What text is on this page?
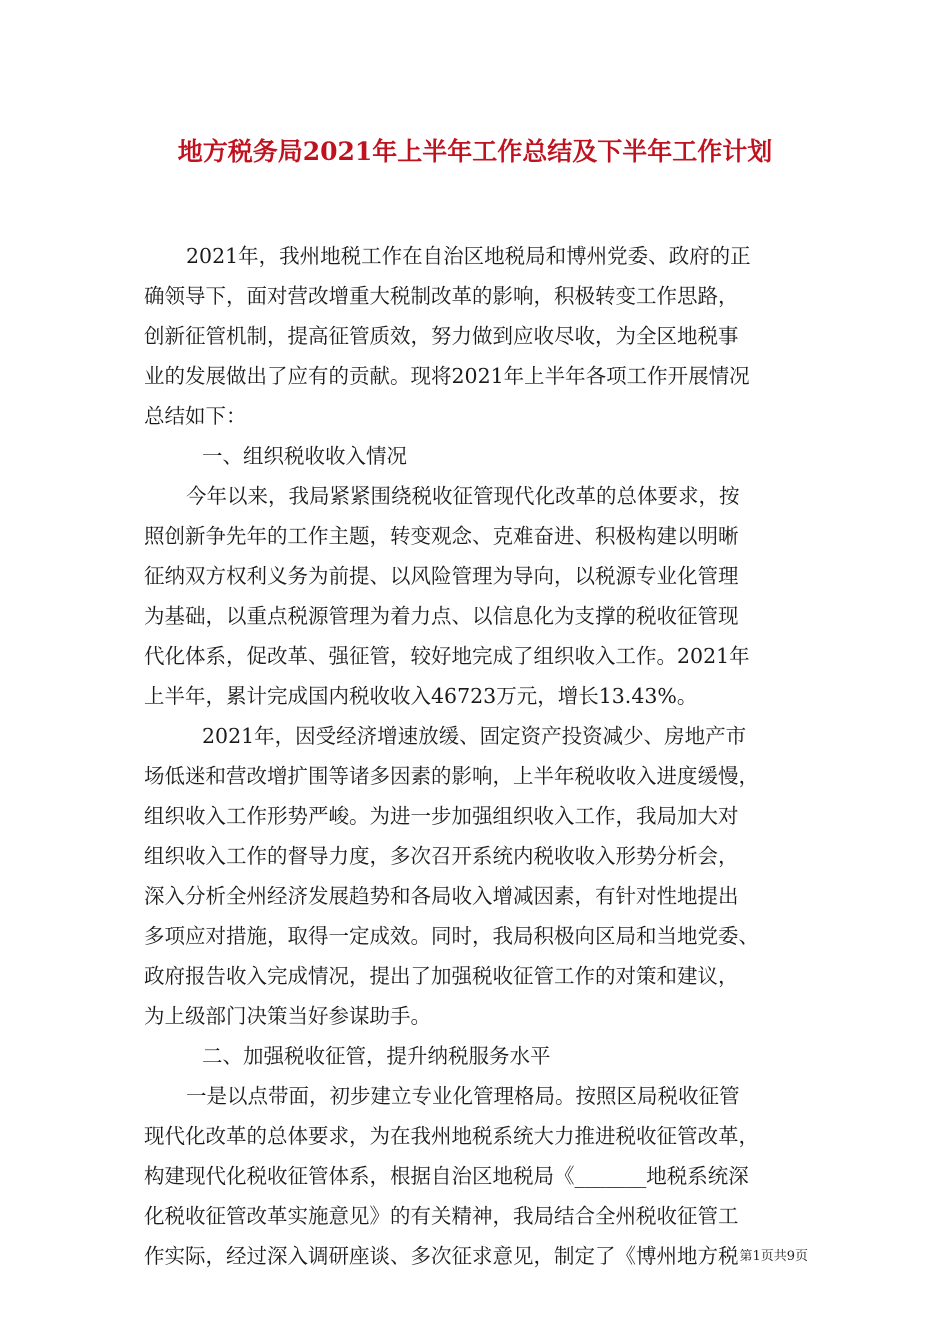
地方税务局2021年上半年工作总结及下半年工作计划
2021年，我州地税工作在自治区地税局和博州党委、政府的正
确领导下，面对营改增重大税制改革的影响，积极转变工作思路，
创新征管机制，提高征管质效，努力做到应收尽收，为全区地税事
业的发展做出了应有的贡献。现将2021年上半年各项工作开展情况
总结如下：
一、组织税收收入情况
今年以来，我局紧紧围绕税收征管现代化改革的总体要求，按
照创新争先年的工作主题，转变观念、克难奋进、积极构建以明晰
征纳双方权利义务为前提、以风险管理为导向，以税源专业化管理
为基础，以重点税源管理为着力点、以信息化为支撑的税收征管现
代化体系，促改革、强征管，较好地完成了组织收入工作。2021年
上半年，累计完成国内税收收入46723万元，增长13.43%。
2021年，因受经济增速放缓、固定资产投资减少、房地产市
场低迷和营改增扩围等诸多因素的影响，上半年税收收入进度缓慢，
组织收入工作形势严峻。为进一步加强组织收入工作，我局加大对
组织收入工作的督导力度，多次召开系统内税收收入形势分析会，
深入分析全州经济发展趋势和各局收入增减因素，有针对性地提出
多项应对措施，取得一定成效。同时，我局积极向区局和当地党委、
政府报告收入完成情况，提出了加强税收征管工作的对策和建议，
为上级部门决策当好参谋助手。
二、加强税收征管，提升纳税服务水平
一是以点带面，初步建立专业化管理格局。按照区局税收征管
现代化改革的总体要求，为在我州地税系统大力推进税收征管改革，
构建现代化税收征管体系，根据自治区地税局《_______地税系统深
化税收征管改革实施意见》的有关精神，我局结合全州税收征管工
作实际，经过深入调研座谈、多次征求意见，制定了《博州地方税 第1页共9页
